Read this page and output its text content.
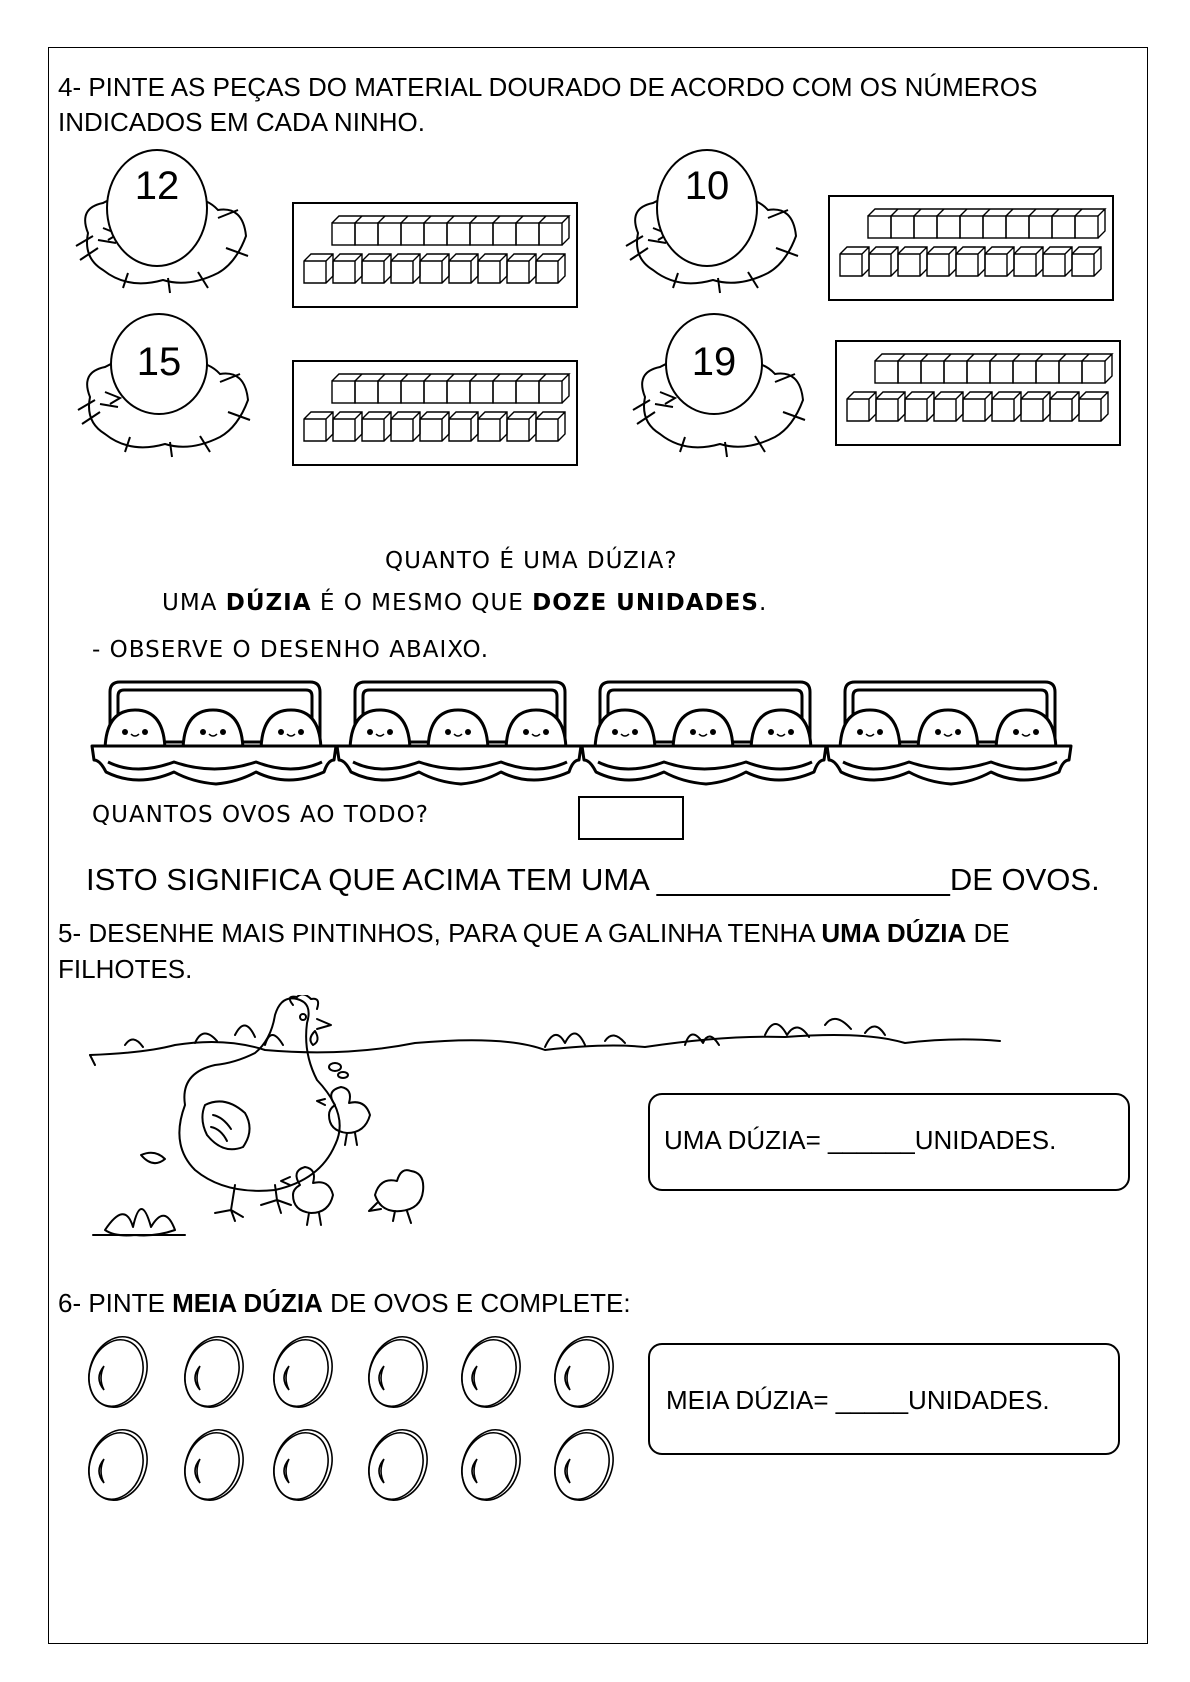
4- PINTE AS PEÇAS DO MATERIAL DOURADO DE ACORDO COM OS NÚMEROS
INDICADOS EM CADA NINHO.
12	10
15	19
QUANTO É UMA DÚZIA?
UMA DÚZIA É O MESMO QUE DOZE UNIDADES.
- OBSERVE O DESENHO ABAIXO.
QUANTOS OVOS AO TODO?
ISTO SIGNIFICA QUE ACIMA TEM UMA _________________DE OVOS.
5- DESENHE MAIS PINTINHOS, PARA QUE A GALINHA TENHA UMA DÚZIA DE
FILHOTES.
UMA DÚZIA= ______UNIDADES.
6- PINTE MEIA DÚZIA DE OVOS E COMPLETE:
MEIA DÚZIA= _____UNIDADES.
